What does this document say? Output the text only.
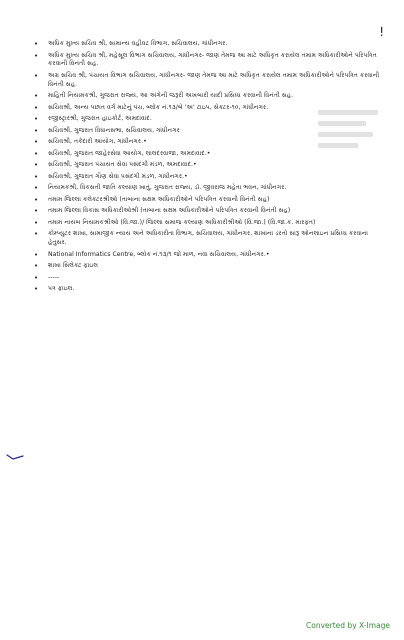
!
• અધિક મુખ્ય સચિવ શ્રી, સામાન્ય વહીવટ વિભાગ, સચિવાલય, ગાંધીનગર.
• અધિક મુખ્ય સચિવ શ્રી, મહેસૂલ વિભાગ સચિવાલય, ગાંધીનગર- જાણ તેમજ આ માટે અધિકૃત કરાયેલ તમામ અધિકારીઓને પરિપત્રિત કરવાની વિનંતી સહ.
• અગ્ર સચિવ શ્રી, પંચાયત વિભાગ સચિવાલય, ગાંધીનગર- જાણ તેમજ આ માટે અધિકૃત કરાયેલ તમામ અધિકારીઓને પરિપત્રિત કરવાની વિનંતી સહ.
• માહિતી નિયામકશ્રી, ગુજરાત રાજ્ય, આ અંગેની જરૂરી અખબારી યાદી પ્રસિધ્ધ કરવાની વિનંતી સહ.
• સચિવશ્રી, અન્ય પછાત વર્ગ માટેનું પંચ, બ્લોક નં.૧૩/બે 'અ' ટાઇપ, સેક્ટર-૧૦, ગાંધીનગર.
• રજીસ્ટ્રારશ્રી, ગુજરાત હાઇકોર્ટ, અમદાવાદ.
• સચિવશ્રી, ગુજરાત વિધાનસભા, સચિવાલય, ગાંધીનગર
• સચિવશ્રી, તકેદારી આયોગ, ગાંધીનગર.•
• સચિવશ્રી, ગુજરાત જાહેરસેવા આયોગ, લાલદરવાજા, અમદાવાદ.•
• સચિવશ્રી, ગુજરાત પંચાયત સેવા પસંદગી મંડળ, અમદાવાદ.•
• સચિવશ્રી, ગુજરાત ગૌણ સેવા પસંદગી મંડળ, ગાંધીનગર.•
• નિયામકશ્રી, વિકસતી જાતિ કલ્યાણ ખાતું, ગુજરાત રાજ્ય, ડૉ. જીવરાજ મહેતા ભવન, ગાંધીનગર.
• તમામ જિલ્લા કલેક્ટરશ્રીઓ (તાબાના સક્ષમ અધિકારીઓને પરિપત્રિત કરવાની વિનંતી સહ)
• તમામ જિલ્લા વિકાસ અધિકારીઓશ્રી (તાબાના સક્ષમ અધિકારીઓને પરિપત્રિત કરવાની વિનંતી સહ)
• તમામ નાયબ નિયામકશ્રીઓ (વિ.જા.)/ જિલ્લા સમાજ કલ્યાણ અધિકારીશ્રીઓ (વિ.જા.) (વિ.જા.ક. મારફત)
• કોમ્પ્યુટર શાખા, સામાજીક ન્યાય અને અધિકારીતા વિભાગ, સચિવાલય, ગાંધીનગર. શાખાના ડરતો સારૂ ઓનલાઇન પ્રસિધ્ધ કરવાના હેતુસર.
• National Informatics Centre, બ્લોક નં.૧૩/૧ જો માળ, નવા સચિવાલય, ગાંધીનગર.•
• શાખા સિલેક્ટ ફાઇલ
• -----
• પત્ર ફાઇલ.
Converted by X-Image
